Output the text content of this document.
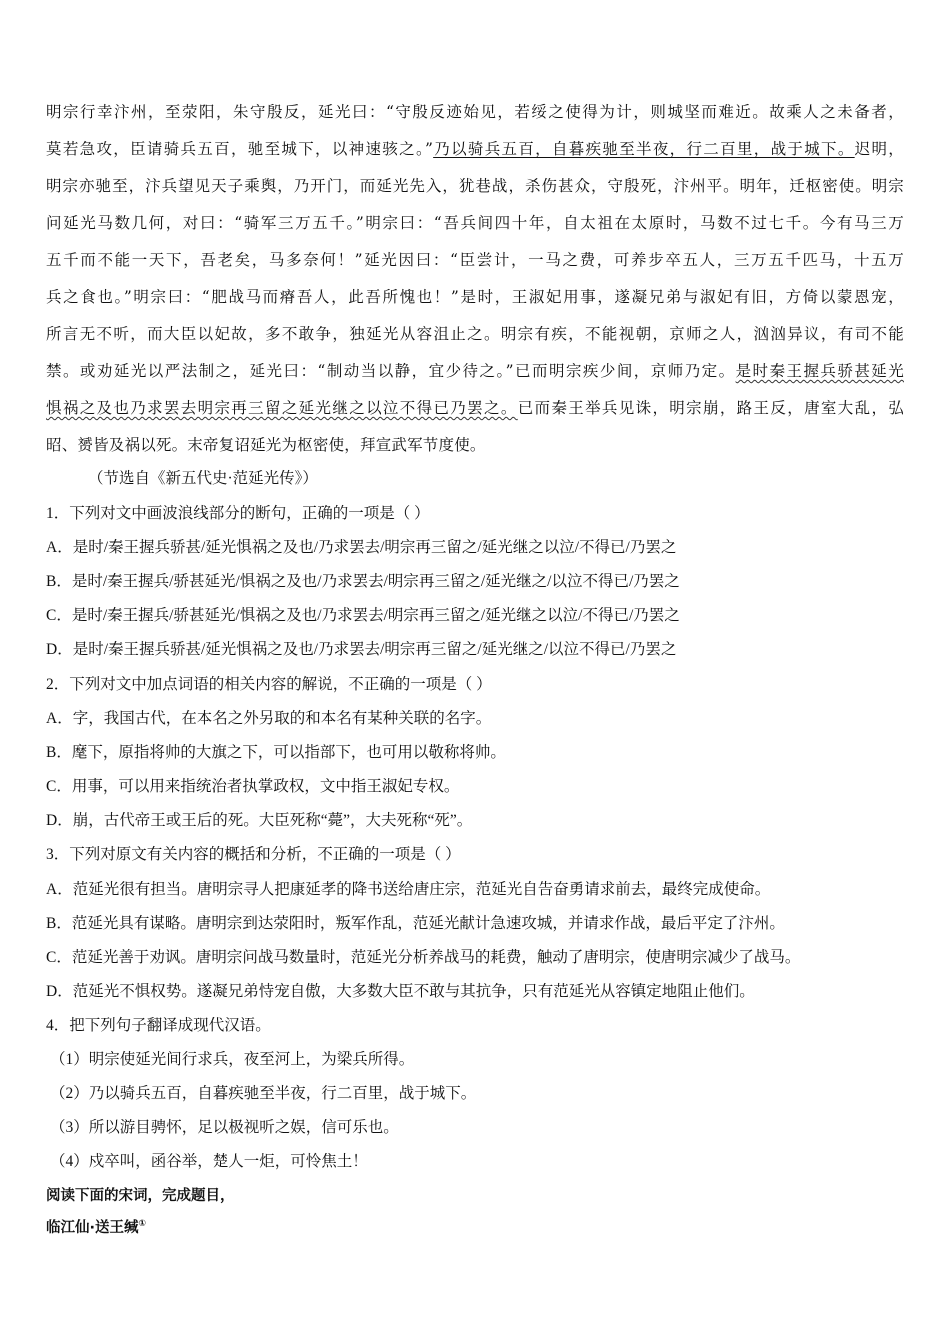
明宗行幸汴州，至荥阳，朱守殷反，延光曰：“守殷反迹始见，若绥之使得为计，则城坚而难近。故乘人之未备者，
莫若急攻，臣请骑兵五百，驰至城下，以神速骇之。”乃以骑兵五百，自暮疾驰至半夜，行二百里，战于城下。迟明，
明宗亦驰至，汴兵望见天子乘舆，乃开门，而延光先入，犹巷战，杀伤甚众，守殷死，汴州平。明年，迁枢密使。明宗
问延光马数几何，对曰：“骑军三万五千。”明宗曰：“吾兵间四十年，自太祖在太原时，马数不过七千。今有马三万
五千而不能一天下，吾老矣，马多奈何！”延光因曰：“臣尝计，一马之费，可养步卒五人，三万五千匹马，十五万
兵之食也。”明宗曰：“肥战马而瘠吾人，此吾所愧也！”是时，王淑妃用事，遂凝兄弟与淑妃有旧，方倚以蒙恩宠，
所言无不听，而大臣以妃故，多不敢争，独延光从容沮止之。明宗有疾，不能视朝，京师之人，汹汹异议，有司不能
禁。或劝延光以严法制之，延光曰：“制动当以静，宜少待之。”已而明宗疾少间，京师乃定。是时秦王握兵骄甚延光
惧祸之及也乃求罢去明宗再三留之延光继之以泣不得已乃罢之。已而秦王举兵见诛，明宗崩，路王反，唐室大乱，弘
昭、赟皆及祸以死。末帝复诏延光为枢密使，拜宣武军节度使。
（节选自《新五代史·范延光传》）
1．下列对文中画波浪线部分的断句，正确的一项是（ ）
A．是时/秦王握兵骄甚/延光惧祸之及也/乃求罢去/明宗再三留之/延光继之以泣/不得已/乃罢之
B．是时/秦王握兵/骄甚延光/惧祸之及也/乃求罢去/明宗再三留之/延光继之/以泣不得已/乃罢之
C．是时/秦王握兵/骄甚延光/惧祸之及也/乃求罢去/明宗再三留之/延光继之以泣/不得已/乃罢之
D．是时/秦王握兵骄甚/延光惧祸之及也/乃求罢去/明宗再三留之/延光继之/以泣不得已/乃罢之
2．下列对文中加点词语的相关内容的解说，不正确的一项是（ ）
A．字，我国古代，在本名之外另取的和本名有某种关联的名字。
B．麾下，原指将帅的大旗之下，可以指部下，也可用以敬称将帅。
C．用事，可以用来指统治者执掌政权，文中指王淑妃专权。
D．崩，古代帝王或王后的死。大臣死称“薨”，大夫死称“死”。
3．下列对原文有关内容的概括和分析，不正确的一项是（ ）
A．范延光很有担当。唐明宗寻人把康延孝的降书送给唐庄宗，范延光自告奋勇请求前去，最终完成使命。
B．范延光具有谋略。唐明宗到达荥阳时，叛军作乱，范延光献计急速攻城，并请求作战，最后平定了汴州。
C．范延光善于劝讽。唐明宗问战马数量时，范延光分析养战马的耗费，触动了唐明宗，使唐明宗减少了战马。
D．范延光不惧权势。遂凝兄弟恃宠自傲，大多数大臣不敢与其抗争，只有范延光从容镇定地阻止他们。
4．把下列句子翻译成现代汉语。
（1）明宗使延光间行求兵，夜至河上，为梁兵所得。
（2）乃以骑兵五百，自暮疾驰至半夜，行二百里，战于城下。
（3）所以游目骋怀，足以极视听之娱，信可乐也。
（4）戍卒叫，函谷举，楚人一炬，可怜焦土！
阅读下面的宋词，完成题目，
临江仙·送王缄①
